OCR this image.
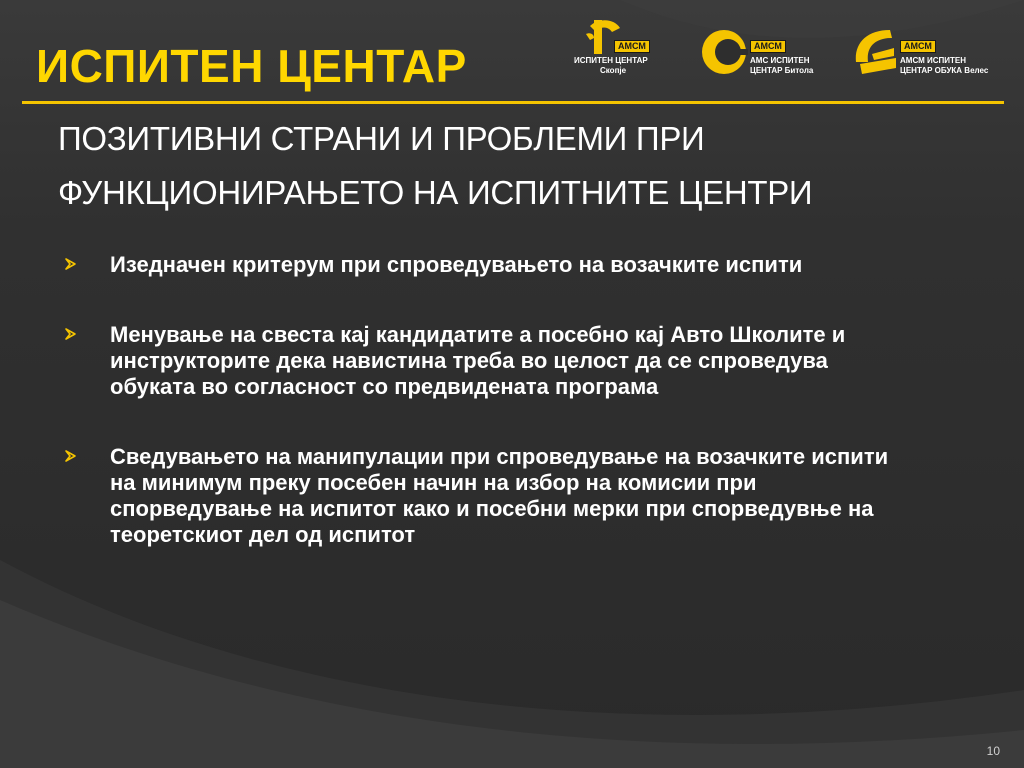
ИСПИТЕН ЦЕНТАР	АМСМ
ИСПИТЕН ЦЕНТАР
Скопје
АМСМ
АМС ИСПИТЕН
ЦЕНТАР Битола
АМСМ
АМСМ ИСПИТЕН
ЦЕНТАР ОБУКА Велес
ПОЗИТИВНИ СТРАНИ И ПРОБЛЕМИ ПРИ
ФУНКЦИОНИРАЊЕТО НА ИСПИТНИТЕ ЦЕНТРИ
Изедначен критерум при спроведувањето на возачките испити
Менување на свеста кај кандидатите а посебно кај Авто Школите и инструкторите дека навистина треба во целост да се спроведува обуката во согласност со предвидената програма
Сведувањето на манипулации при спроведување на возачките испити на минимум преку посебен начин на избор на комисии при спорведување на испитот како и посебни мерки при спорведувње на теоретскиот дел од испитот
10
